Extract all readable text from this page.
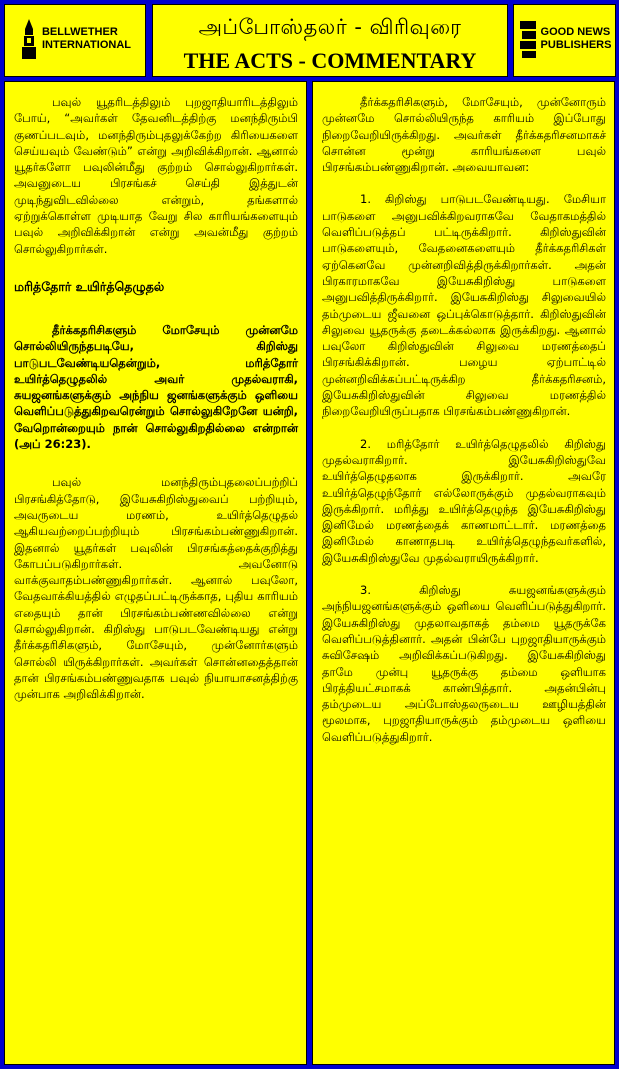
BELLWETHER
INTERNATIONAL
அப்போஸ்தலர் - விரிவுரை
THE ACTS - COMMENTARY
GOOD NEWS
PUBLISHERS

பவுல் யூதரிடத்திலும் புறஜாதியாரிடத்திலும் போய், “அவர்கள் தேவனிடத்திற்கு மனந்திரும்பி குணப்படவும், மனந்திரும்புதலுக்கேற்ற கிரியைகளை செய்யவும் வேண்டும்” என்று அறிவிக்கிறான். ஆனால் யூதர்களோ பவுலின்மீது குற்றம் சொல்லுகிறார்கள். அவனுடைய பிரசங்கச் செய்தி இத்துடன் முடிந்துவிடவில்லை என்றும், தங்களால் ஏற்றுக்கொள்ள முடியாத வேறு சில காரியங்களையும் பவுல் அறிவிக்கிறான் என்று அவன்மீது குற்றம் சொல்லுகிறார்கள்.

மரித்தோர் உயிர்த்தெழுதல்

தீர்க்கதரிசிகளும் மோசேயும் முன்னமே சொல்லியிருந்தபடியே, கிறிஸ்து பாடுபடவேண்டியதென்றும், மரித்தோர் உயிர்த்தெழுதலில் அவர் முதல்வராகி, சுயஜனங்களுக்கும் அந்நிய ஜனங்களுக்கும் ஒளியை வெளிப்படுத்துகிறவரென்றும் சொல்லுகிறேனே யன்றி, வேறொன்றையும் நான் சொல்லுகிறதில்லை என்றான் (அப் 26:23).

பவுல் மனந்திரும்புதலைப்பற்றிப் பிரசங்கித்தோடு, இயேசுகிறிஸ்துவைப் பற்றியும், அவருடைய மரணம், உயிர்த்தெழுதல் ஆகியவற்றைப்பற்றியும் பிரசங்கம்பண்ணுகிறான். இதனால் யூதர்கள் பவுலின் பிரசங்கத்தைக்குறித்து கோபப்படுகிறார்கள். அவனோடு வாக்குவாதம்பண்ணுகிறார்கள். ஆனால் பவுலோ, வேதவாக்கியத்தில் எழுதப்பட்டிருக்காத, புதிய காரியம் எதையும் தான் பிரசங்கம்பண்ணவில்லை என்று சொல்லுகிறான். கிறிஸ்து பாடுபடவேண்டியது என்று தீர்க்கதரிசிகளும், மோசேயும், முன்னோர்களும் சொல்லி யிருக்கிறார்கள். அவர்கள் சொன்னதைத்தான் தான் பிரசங்கம்பண்ணுவதாக பவுல் நியாயாசனத்திற்கு முன்பாக அறிவிக்கிறான்.

தீர்க்கதரிசிகளும், மோசேயும், முன்னோரும் முன்னமே சொல்லியிருந்த காரியம் இப்போது நிறைவேறியிருக்கிறது. அவர்கள் தீர்க்கதரிசனமாகச் சொன்ன மூன்று காரியங்களை பவுல் பிரசங்கம்பண்ணுகிறான். அவையாவன:

1. கிறிஸ்து பாடுபடவேண்டியது. மேசியா பாடுகளை அனுபவிக்கிறவராகவே வேதாகமத்தில் வெளிப்படுத்தப் பட்டிருக்கிறார். கிறிஸ்துவின் பாடுகளையும், வேதனைகளையும் தீர்க்கதரிசிகள் ஏற்கெனவே முன்னறிவித்திருக்கிறார்கள். அதன் பிரகாரமாகவே இயேசுகிறிஸ்து பாடுகளை அனுபவித்திருக்கிறார். இயேசுகிறிஸ்து சிலுவையில் தம்முடைய ஜீவனை ஒப்புக்கொடுத்தார். கிறிஸ்துவின் சிலுவை யூதருக்கு தடைக்கல்லாக இருக்கிறது. ஆனால் பவுலோ கிறிஸ்துவின் சிலுவை மரணத்தைப் பிரசங்கிக்கிறான். பழைய ஏற்பாட்டில் முன்னறிவிக்கப்பட்டிருக்கிற தீர்க்கதரிசனம், இயேசுகிறிஸ்துவின் சிலுவை மரணத்தில் நிறைவேறியிருப்பதாக பிரசங்கம்பண்ணுகிறான்.

2. மரித்தோர் உயிர்த்தெழுதலில் கிறிஸ்து முதல்வராகிறார். இயேசுகிறிஸ்துவே உயிர்த்தெழுதலாக இருக்கிறார். அவரே உயிர்த்தெழுந்தோர் எல்லோருக்கும் முதல்வராகவும் இருக்கிறார். மரித்து உயிர்த்தெழுந்த இயேசுகிறிஸ்து இனிமேல் மரணத்தைக் காணமாட்டார். மரணத்தை இனிமேல் காணாதபடி உயிர்த்தெழுந்தவர்களில், இயேசுகிறிஸ்துவே முதல்வராயிருக்கிறார்.

3. கிறிஸ்து சுயஜனங்களுக்கும் அந்நியஜனங்களுக்கும் ஒளியை வெளிப்படுத்துகிறார். இயேசுகிறிஸ்து முதலாவதாகத் தம்மை யூதருக்கே வெளிப்படுத்தினார். அதன் பின்பே புறஜாதியாருக்கும் சுவிசேஷம் அறிவிக்கப்படுகிறது. இயேசுகிறிஸ்து தாமே முன்பு யூதருக்கு தம்மை ஒளியாக பிரத்தியட்சமாகக் காண்பித்தார். அதன்பின்பு தம்முடைய அப்போஸ்தலருடைய ஊழியத்தின் மூலமாக, புறஜாதியாருக்கும் தம்முடைய ஒளியை வெளிப்படுத்துகிறார்.
